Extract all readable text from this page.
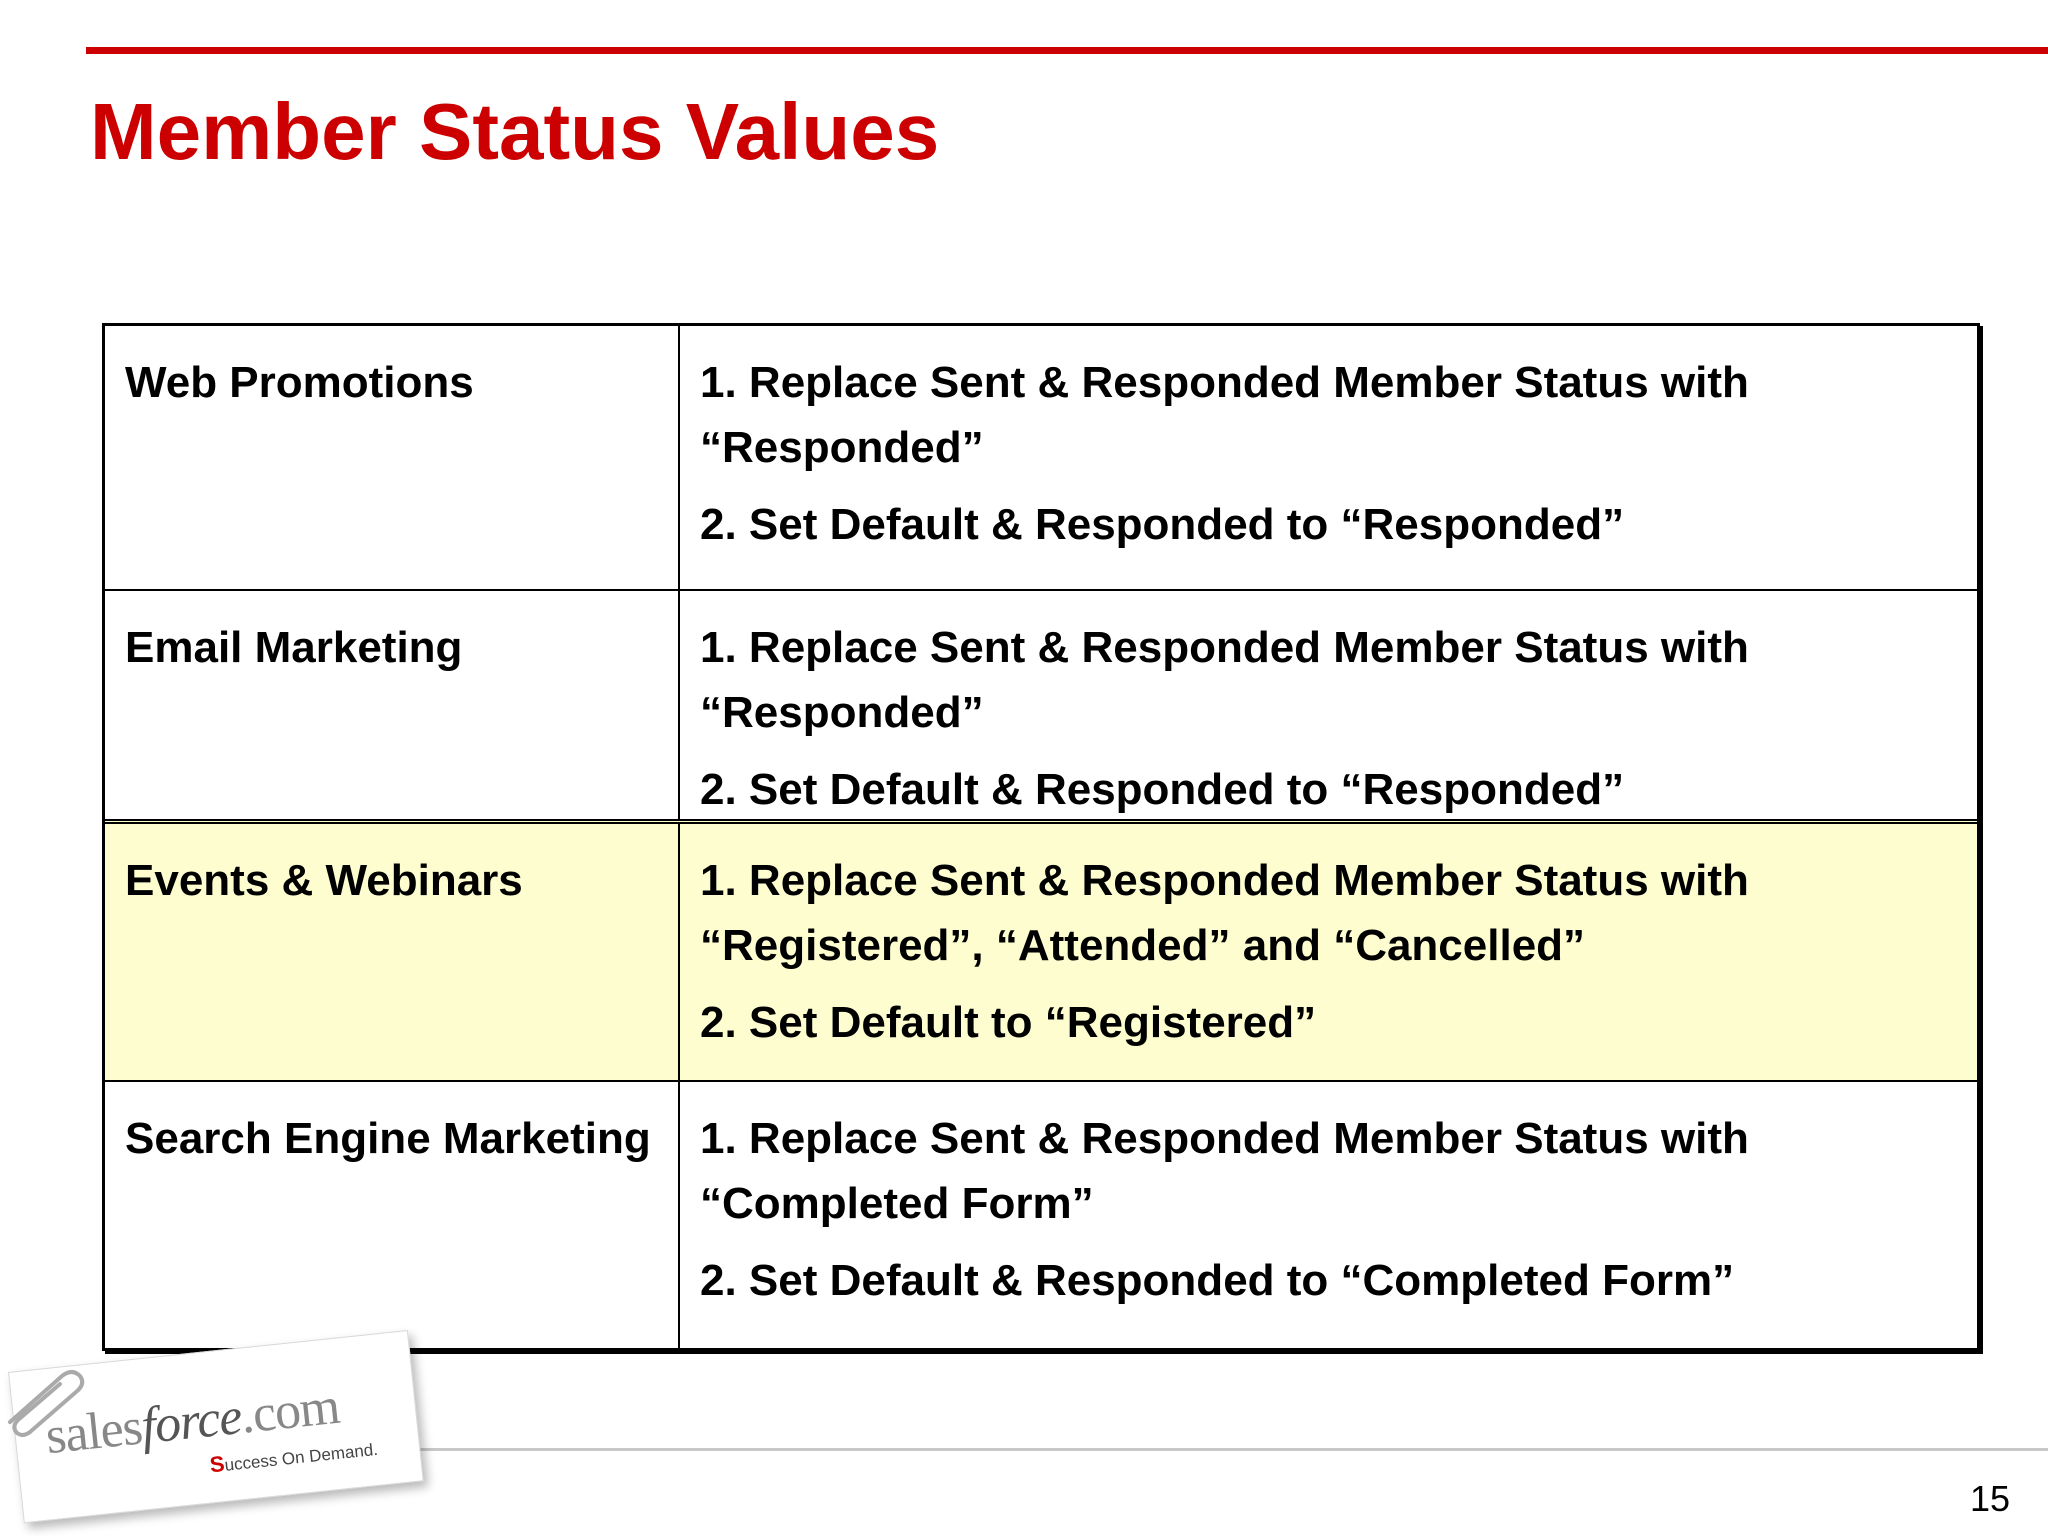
Member Status Values
Web Promotions	1. Replace Sent & Responded Member Status with “Responded”
2. Set Default & Responded to “Responded”
Email Marketing	1. Replace Sent & Responded Member Status with “Responded”
2. Set Default & Responded to “Responded”
Events & Webinars	1. Replace Sent & Responded Member Status with “Registered”, “Attended” and “Cancelled”
2. Set Default to “Registered”
Search Engine Marketing	1. Replace Sent & Responded Member Status with “Completed Form”
2. Set Default & Responded to “Completed Form”
salesforce.com
Success On Demand.
15
